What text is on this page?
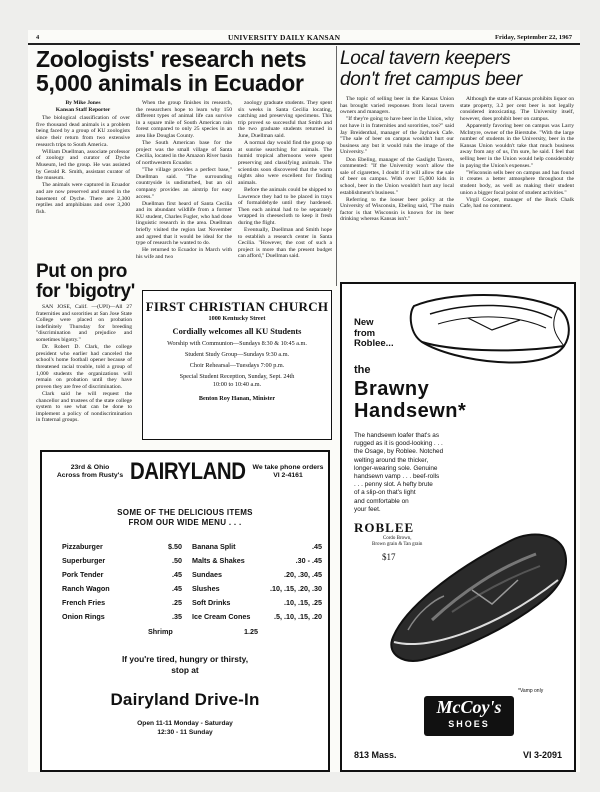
4	UNIVERSITY DAILY KANSAN	Friday, September 22, 1967
Zoologists' research nets
5,000 animals in Ecuador
Local tavern keepers
don't fret campus beer
By Mike Jones
Kansan Staff Reporter

The biological classification of over five thousand dead animals is a problem being faced by a group of KU zoologists since their return from two extensive research trips to South America.

William Duellman, associate professor of zoology and curator of Dyche Museum, led the group. He was assisted by Gerald R. Smith, assistant curator of the museum.

The animals were captured in Ecuador and are now preserved and stored in the basement of Dyche. There are 2,300 reptiles and amphibians and over 3,200 fish.

When the group finishes its research, the researchers hope to learn why 150 different types of animal life can survive in a square mile of South American rain forest compared to only 25 species in an area like Douglas County.

The South American base for the project was the small village of Santa Cecilia, located in the Amazon River basin of northwestern Ecuador.

"The village provides a perfect base," Duellman said. "The surrounding countryside is undisturbed, but an oil company provides an airstrip for easy access."

Duellman first heard of Santa Cecilia and its abundant wildlife from a former KU student, Charles Fugler, who had done linguistic research in the area. Duellman briefly visited the region last November and agreed that it would be ideal for the type of research he wanted to do.

He returned to Ecuador in March with his wife and two

zoology graduate students. They spent six weeks in Santa Cecilia locating, catching and preserving specimens. This trip proved so successful that Smith and the two graduate students returned in June, Duellman said.

A normal day would find the group up at sunrise searching for animals. The humid tropical afternoons were spent preserving and classifying animals. The scientists soon discovered that the warm nights also were excellent for finding animals.

Before the animals could be shipped to Lawrence they had to be placed in trays of formaldehyde until they hardened. Then each animal had to be separately wrapped in cheesecloth to keep it fresh during the flight.

Eventually, Duellman and Smith hope to establish a research center in Santa Cecilia. "However, the cost of such a project is more than the present budget can afford," Duellman said.

The topic of selling beer in the Kansas Union has brought varied responses from local tavern owners and managers.

"If they're going to have beer in the Union, why not have it in fraternities and sororities, too?" said Jay Breidenthal, manager of the Jayhawk Cafe. "The sale of beer on campus wouldn't hurt our business any but it would ruin the image of the University."

Don Ebeling, manager of the Gaslight Tavern, commented: "If the University won't allow the sale of cigarettes, I doubt if it will allow the sale of beer on campus. With over 15,000 kids in school, beer in the Union wouldn't hurt any local establishment's business."

Referring to the looser beer policy at the University of Wisconsin, Ebeling said, "The main factor is that Wisconsin is known for its beer drinking whereas Kansas isn't."

Although the state of Kansas prohibits liquor on state property, 3.2 per cent beer is not legally considered intoxicating. The University itself, however, does prohibit beer on campus.

Apparently favoring beer on campus was Larry McIntyre, owner of the Bierstube. "With the large number of students in the University, beer in the Kansas Union wouldn't take that much business away from any of us, I'm sure, he said. I feel that selling beer in the Union would help considerably in paying the Union's expenses."

"Wisconsin sells beer on campus and has found it creates a better atmosphere throughout the student body, as well as making their student union a bigger focal point of student activities."

Virgil Cooper, manager of the Buck Chalk Cafe, had no comment.

Put on pro
for 'bigotry'

SAN JOSE, Calif. —(UPI)—All 27 fraternities and sororities at San Jose State College were placed on probation indefinitely Thursday for breeding "discrimination and prejudice and sometimes bigotry."

Dr. Robert D. Clark, the college president who earlier had canceled the school's home football opener because of threatened racial trouble, told a group of 1,000 students the organizations will remain on probation until they have proven they are free of discrimination.

Clark said he will request the chancellor and trustees of the state college system to see what can be done to implement a policy of nondiscrimination in fraternal groups.

FIRST CHRISTIAN CHURCH
1000 Kentucky Street
Cordially welcomes all KU Students
Worship with Communion—Sundays 8:30 & 10:45 a.m.
Student Study Group—Sundays 9:30 a.m.
Choir Rehearsal—Tuesdays 7:00 p.m.
Special Student Reception, Sunday, Sept. 24th
10:00 to 10:40 a.m.
Benton Roy Hanan, Minister
23rd & Ohio
Across from Rusty's DAIRYLAND	We take phone orders
VI 2-4161
SOME OF THE DELICIOUS ITEMS
FROM OUR WIDE MENU . . .
Pizzaburger	$.50
Superburger	.50
Pork Tender	.45
Ranch Wagon	.45
French Fries	.25
Onion Rings	.35
Banana Split	.45
Malts & Shakes	.30 - .45
Sundaes	.20, .30, .45
Slushes	.10, .15, .20, .30
Soft Drinks	.10, .15, .25
Ice Cream Cones	.5, .10, .15, .20
Shrimp	1.25
If you're tired, hungry or thirsty,
stop at
Dairyland Drive-In
Open 11-11 Monday - Saturday
12:30 - 11 Sunday
New
from
Roblee...
the
Brawny
Handsewn*
The handsewn loafer that's as
rugged as it is good-looking . . .
the Osage, by Roblee. Notched
welting around the thicker,
longer-wearing sole. Genuine
handsewn vamp . . . beef-rolls
. . . penny slot. A hefty brute
of a slip-on that's light
and comfortable on
your feet.
ROBLEE
Cordo Brown,
Brown grain & Tan grain
$17
*Vamp only
McCoy's
SHOES
813 Mass.	VI 3-2091
